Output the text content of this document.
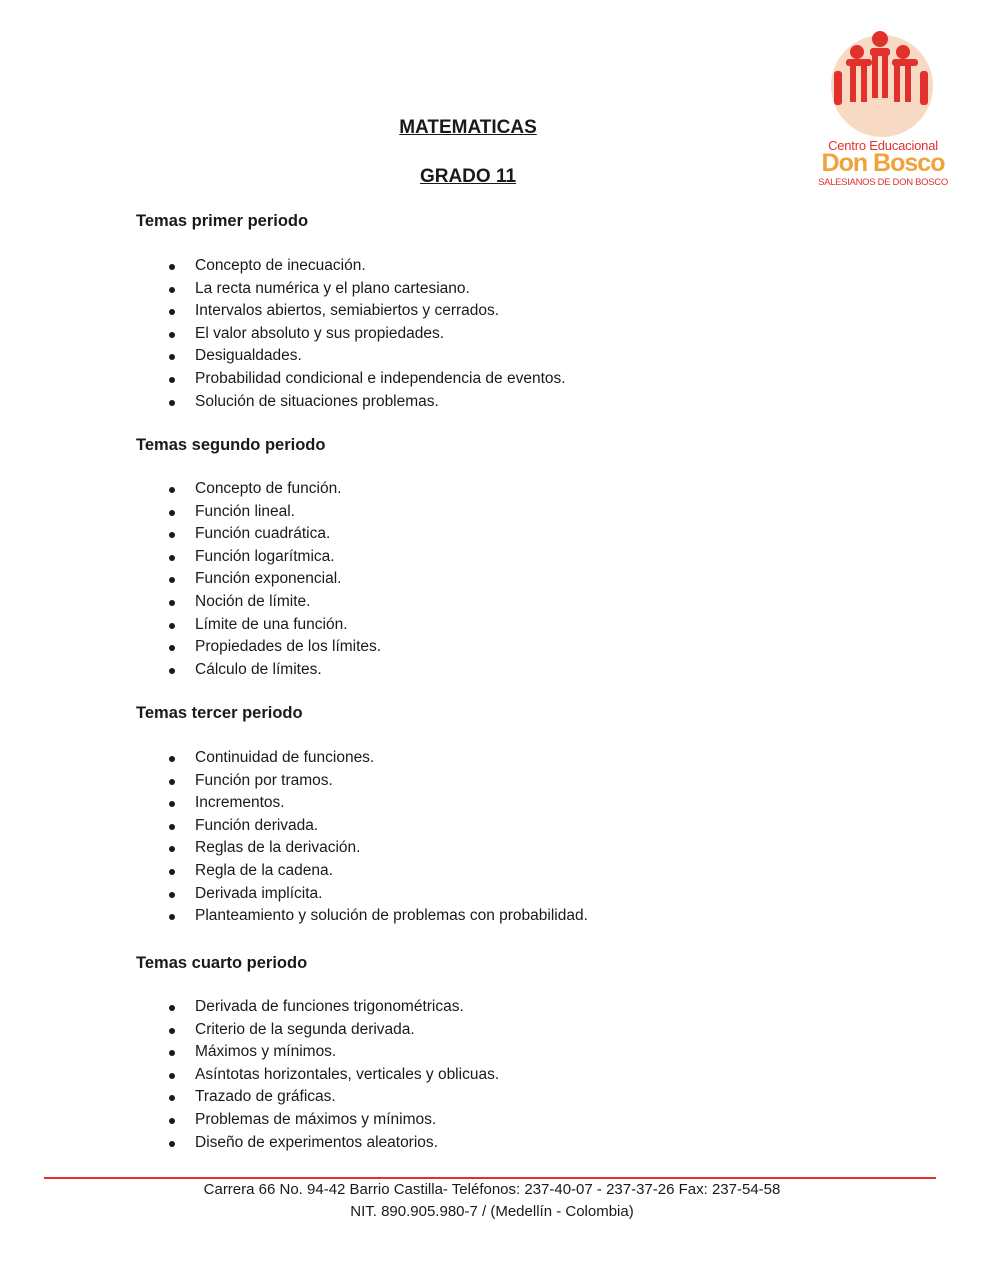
Centro Educacional
Don Bosco
SALESIANOS DE DON BOSCO
MATEMATICAS
GRADO 11
Temas primer periodo
Concepto de inecuación.
La recta numérica y el plano cartesiano.
Intervalos abiertos, semiabiertos y cerrados.
El valor absoluto y sus propiedades.
Desigualdades.
Probabilidad condicional e independencia de eventos.
Solución de situaciones problemas.
Temas segundo periodo
Concepto de función.
Función lineal.
Función cuadrática.
Función logarítmica.
Función exponencial.
Noción de límite.
Límite de una función.
Propiedades de los límites.
Cálculo de límites.
Temas tercer periodo
Continuidad de funciones.
Función por tramos.
Incrementos.
Función derivada.
Reglas de la derivación.
Regla de la cadena.
Derivada implícita.
Planteamiento y solución de problemas con probabilidad.
Temas cuarto periodo
Derivada de funciones trigonométricas.
Criterio de la segunda derivada.
Máximos y mínimos.
Asíntotas horizontales, verticales y oblicuas.
Trazado de gráficas.
Problemas de máximos y mínimos.
Diseño de experimentos aleatorios.
Carrera 66 No. 94-42 Barrio Castilla- Teléfonos: 237-40-07 - 237-37-26 Fax: 237-54-58
NIT. 890.905.980-7 / (Medellín - Colombia)
